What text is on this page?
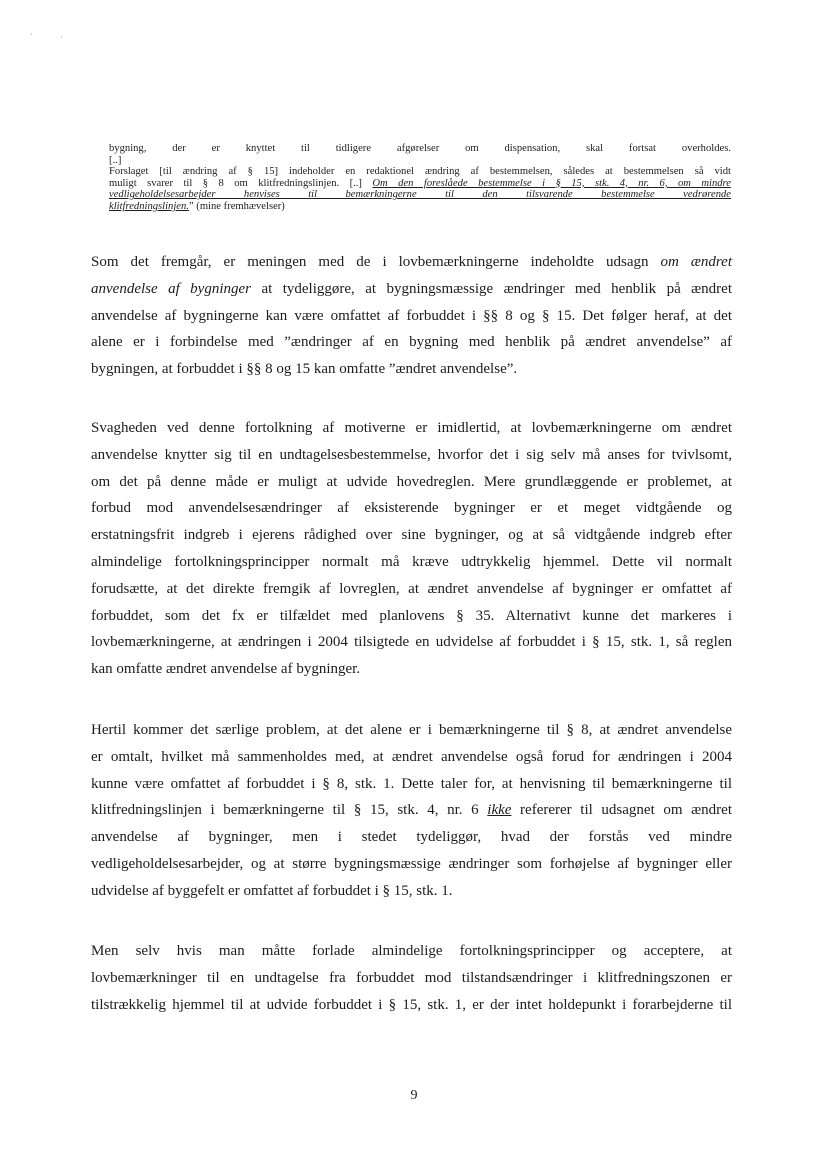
·	·
bygning, der er knyttet til tidligere afgørelser om dispensation, skal fortsat overholdes.
[..]
Forslaget [til ændring af § 15] indeholder en redaktionel ændring af bestemmelsen, således at bestemmelsen så vidt
muligt svarer til § 8 om klitfredningslinjen. [..] Om den foreslåede bestemmelse i § 15, stk. 4, nr. 6, om mindre
vedligeholdelsesarbejder henvises til bemærkningerne til den tilsvarende bestemmelse vedrørende
klitfredningslinjen.” (mine fremhævelser)
Som det fremgår, er meningen med de i lovbemærkningerne indeholdte udsagn om ændret
anvendelse af bygninger at tydeliggøre, at bygningsmæssige ændringer med henblik på ændret
anvendelse af bygningerne kan være omfattet af forbuddet i §§ 8 og § 15. Det følger heraf, at det
alene er i forbindelse med ”ændringer af en bygning med henblik på ændret anvendelse” af
bygningen, at forbuddet i §§ 8 og 15 kan omfatte ”ændret anvendelse”.
Svagheden ved denne fortolkning af motiverne er imidlertid, at lovbemærkningerne om ændret
anvendelse knytter sig til en undtagelsesbestemmelse, hvorfor det i sig selv må anses for tvivlsomt,
om det på denne måde er muligt at udvide hovedreglen. Mere grundlæggende er problemet, at
forbud mod anvendelsesændringer af eksisterende bygninger er et meget vidtgående og
erstatningsfrit indgreb i ejerens rådighed over sine bygninger, og at så vidtgående indgreb efter
almindelige fortolkningsprincipper normalt må kræve udtrykkelig hjemmel. Dette vil normalt
forudsætte, at det direkte fremgik af lovreglen, at ændret anvendelse af bygninger er omfattet af
forbuddet, som det fx er tilfældet med planlovens § 35. Alternativt kunne det markeres i
lovbemærkningerne, at ændringen i 2004 tilsigtede en udvidelse af forbuddet i § 15, stk. 1, så reglen
kan omfatte ændret anvendelse af bygninger.
Hertil kommer det særlige problem, at det alene er i bemærkningerne til § 8, at ændret anvendelse
er omtalt, hvilket må sammenholdes med, at ændret anvendelse også forud for ændringen i 2004
kunne være omfattet af forbuddet i § 8, stk. 1. Dette taler for, at henvisning til bemærkningerne til
klitfredningslinjen i bemærkningerne til § 15, stk. 4, nr. 6 ikke refererer til udsagnet om ændret
anvendelse af bygninger, men i stedet tydeliggør, hvad der forstås ved mindre
vedligeholdelsesarbejder, og at større bygningsmæssige ændringer som forhøjelse af bygninger eller
udvidelse af byggefelt er omfattet af forbuddet i § 15, stk. 1.
Men selv hvis man måtte forlade almindelige fortolkningsprincipper og acceptere, at
lovbemærkninger til en undtagelse fra forbuddet mod tilstandsændringer i klitfredningszonen er
tilstrækkelig hjemmel til at udvide forbuddet i § 15, stk. 1, er der intet holdepunkt i forarbejderne til
9
